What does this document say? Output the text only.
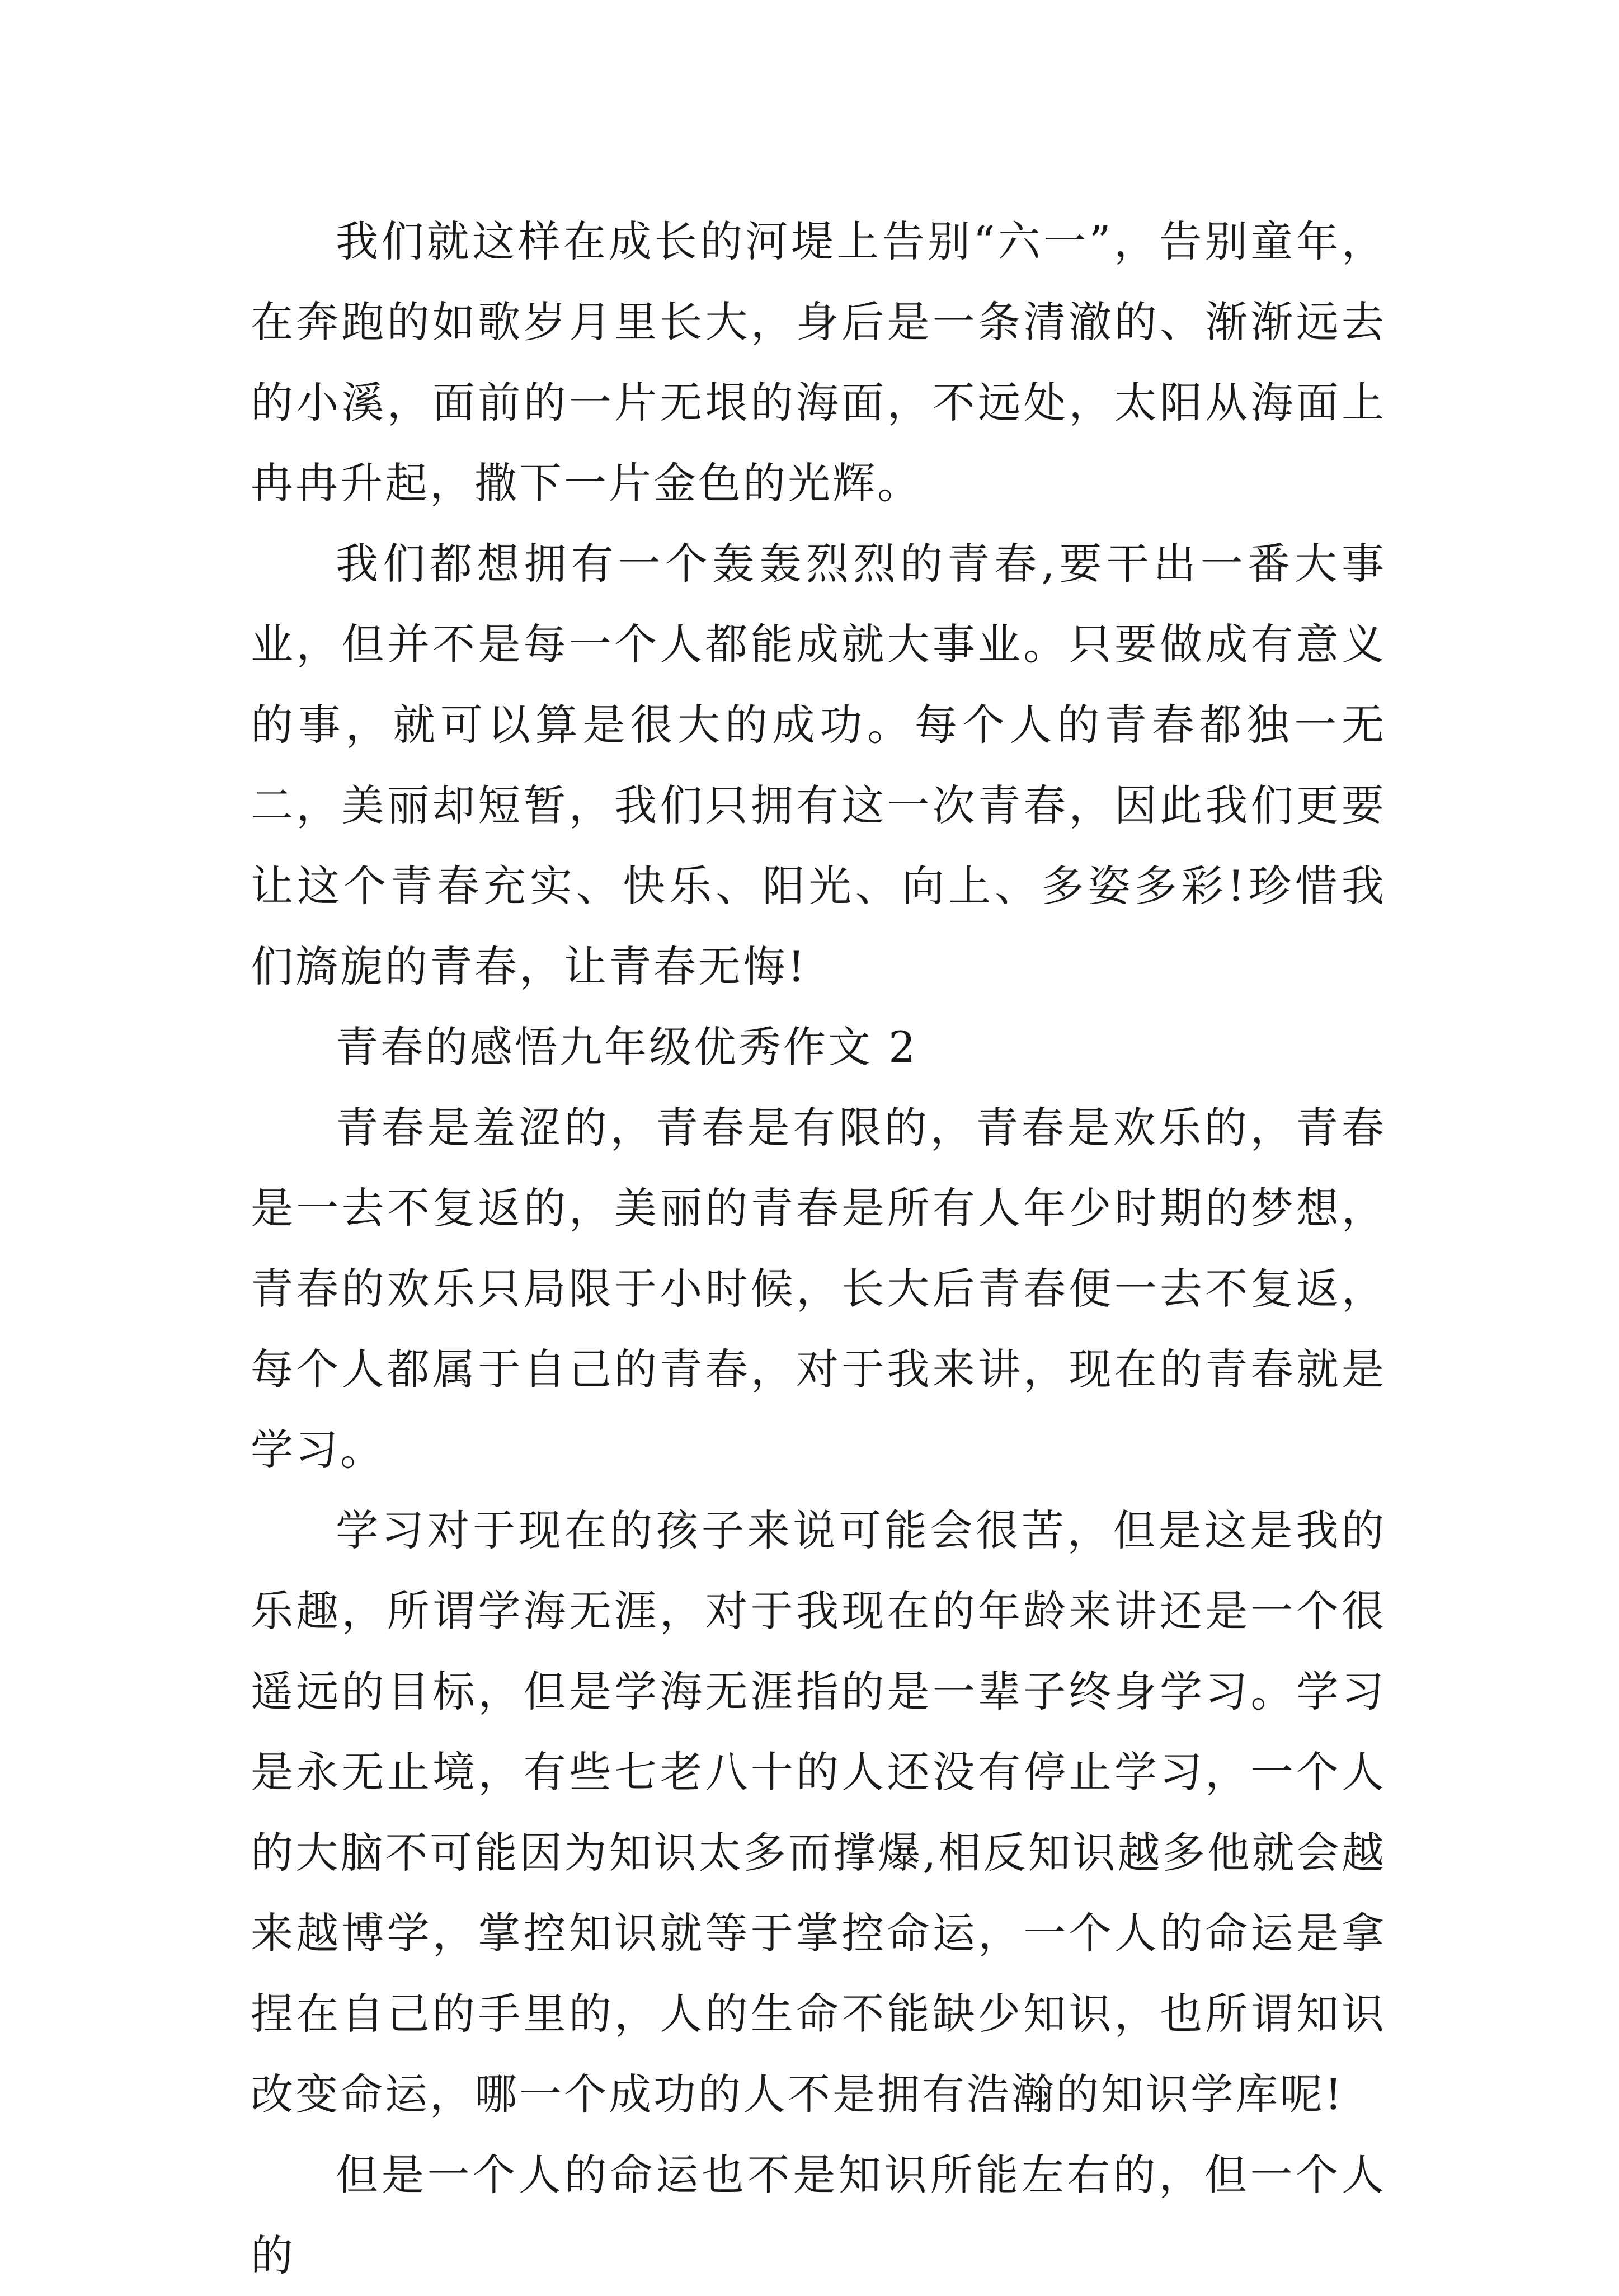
我们就这样在成长的河堤上告别“六一”，告别童年，在奔跑的如歌岁月里长大，身后是一条清澈的、渐渐远去的小溪，面前的一片无垠的海面，不远处，太阳从海面上冉冉升起，撒下一片金色的光辉。

我们都想拥有一个轰轰烈烈的青春,要干出一番大事业，但并不是每一个人都能成就大事业。只要做成有意义的事，就可以算是很大的成功。每个人的青春都独一无二，美丽却短暂，我们只拥有这一次青春，因此我们更要让这个青春充实、快乐、阳光、向上、多姿多彩!珍惜我们旖旎的青春，让青春无悔!

青春的感悟九年级优秀作文 2

青春是羞涩的，青春是有限的，青春是欢乐的，青春是一去不复返的，美丽的青春是所有人年少时期的梦想，青春的欢乐只局限于小时候，长大后青春便一去不复返，每个人都属于自己的青春，对于我来讲，现在的青春就是学习。

学习对于现在的孩子来说可能会很苦，但是这是我的乐趣，所谓学海无涯，对于我现在的年龄来讲还是一个很遥远的目标，但是学海无涯指的是一辈子终身学习。学习是永无止境，有些七老八十的人还没有停止学习，一个人的大脑不可能因为知识太多而撑爆,相反知识越多他就会越来越博学，掌控知识就等于掌控命运，一个人的命运是拿捏在自己的手里的，人的生命不能缺少知识，也所谓知识改变命运，哪一个成功的人不是拥有浩瀚的知识学库呢!

但是一个人的命运也不是知识所能左右的，但一个人的
